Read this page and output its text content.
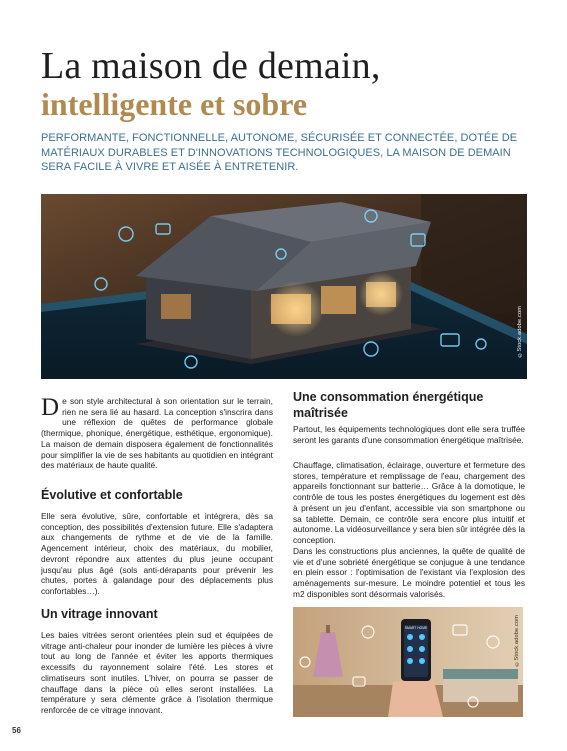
La maison de demain,
intelligente et sobre
PERFORMANTE, FONCTIONNELLE, AUTONOME, SÉCURISÉE ET CONNECTÉE, DOTÉE DE MATÉRIAUX DURABLES ET D'INNOVATIONS TECHNOLOGIQUES, LA MAISON DE DEMAIN SERA FACILE À VIVRE ET AISÉE À ENTRETENIR.
©Stock.adobe.com
De son style architectural à son orientation sur le terrain, rien ne sera lié au hasard. La conception s'inscrira dans une réflexion de quêtes de performance globale (thermique, phonique, énergétique, esthétique, ergonomique). La maison de demain disposera également de fonctionnalités pour simplifier la vie de ses habitants au quotidien en intégrant des matériaux de haute qualité.
Évolutive et confortable
Elle sera évolutive, sûre, confortable et intégrera, dès sa conception, des possibilités d'extension future. Elle s'adaptera aux changements de rythme et de vie de la famille. Agencement intérieur, choix des matériaux, du mobilier, devront répondre aux attentes du plus jeune occupant jusqu'au plus âgé (sols anti-dérapants pour prévenir les chutes, portes à galandage pour des déplacements plus confortables…).
Un vitrage innovant
Les baies vitrées seront orientées plein sud et équipées de vitrage anti-chaleur pour inonder de lumière les pièces à vivre tout au long de l'année et éviter les apports thermiques excessifs du rayonnement solaire l'été. Les stores et climatiseurs sont inutiles. L'hiver, on pourra se passer de chauffage dans la pièce où elles seront installées. La température y sera clémente grâce à l'isolation thermique renforcée de ce vitrage innovant.
Une consommation énergétique
maîtrisée
Partout, les équipements technologiques dont elle sera truffée seront les garants d'une consommation énergétique maîtrisée.
Chauffage, climatisation, éclairage, ouverture et fermeture des stores, température et remplissage de l'eau, chargement des appareils fonctionnant sur batterie… Grâce à la domotique, le contrôle de tous les postes énergétiques du logement est dès à présent un jeu d'enfant, accessible via son smartphone ou sa tablette. Demain, ce contrôle sera encore plus intuitif et autonome. La vidéosurveillance y sera bien sûr intégrée dès la conception.
Dans les constructions plus anciennes, la quête de qualité de vie et d'une sobriété énergétique se conjugue à une tendance en plein essor : l'optimisation de l'existant via l'explosion des aménagements sur-mesure. Le moindre potentiel et tous les m2 disponibles sont désormais valorisés.
SMART HOME	©Stock.adobe.com
56
